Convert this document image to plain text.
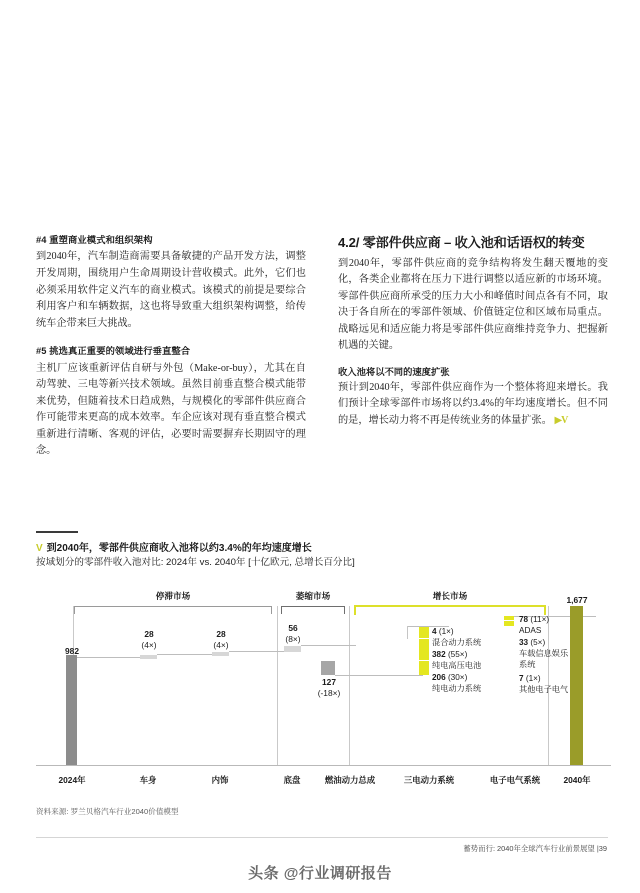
#4 重塑商业模式和组织架构

到2040年，汽车制造商需要具备敏捷的产品开发方法，调整开发周期，围绕用户生命周期设计营收模式。此外，它们也必须采用软件定义汽车的商业模式。该模式的前提是要综合利用客户和车辆数据，这也将导致重大组织架构调整，给传统车企带来巨大挑战。

#5 挑选真正重要的领域进行垂直整合

主机厂应该重新评估自研与外包（Make-or-buy），尤其在自动驾驶、三电等新兴技术领域。虽然目前垂直整合模式能带来优势，但随着技术日趋成熟，与规模化的零部件供应商合作可能带来更高的成本效率。车企应该对现有垂直整合模式重新进行清晰、客观的评估，必要时需要摒弃长期固守的理念。

4.2/ 零部件供应商 – 收入池和话语权的转变

到2040年，零部件供应商的竞争结构将发生翻天覆地的变化，各类企业都将在压力下进行调整以适应新的市场环境。零部件供应商所承受的压力大小和峰值时间点各有不同，取决于各自所在的零部件领域、价值链定位和区域布局重点。战略远见和适应能力将是零部件供应商维持竞争力、把握新机遇的关键。

收入池将以不同的速度扩张

预计到2040年，零部件供应商作为一个整体将迎来增长。我们预计全球零部件市场将以约3.4%的年均速度增长。但不同的是，增长动力将不再是传统业务的体量扩张。 ▶V

V 到2040年，零部件供应商收入池将以约3.4%的年均速度增长
按域划分的零部件收入池对比: 2024年 vs. 2040年 [十亿欧元, 总增长百分比]
停滞市场	萎缩市场	增长市场
982
28
(4×)
28
(4×)
56
(8×)
127
(-18×)
4 (1×)
混合动力系统
382 (55×)
纯电高压电池
206 (30×)
纯电动力系统
78 (11×)
ADAS
33 (5×)
车载信息娱乐
系统
7 (1×)
其他电子电气
1,677
2024年	车身	内饰	底盘	燃油动力总成	三电动力系统	电子电气系统	2040年
资料来源: 罗兰贝格汽车行业2040价值模型
蓄势而行: 2040年全球汽车行业前景展望 |39
头条 @行业调研报告
